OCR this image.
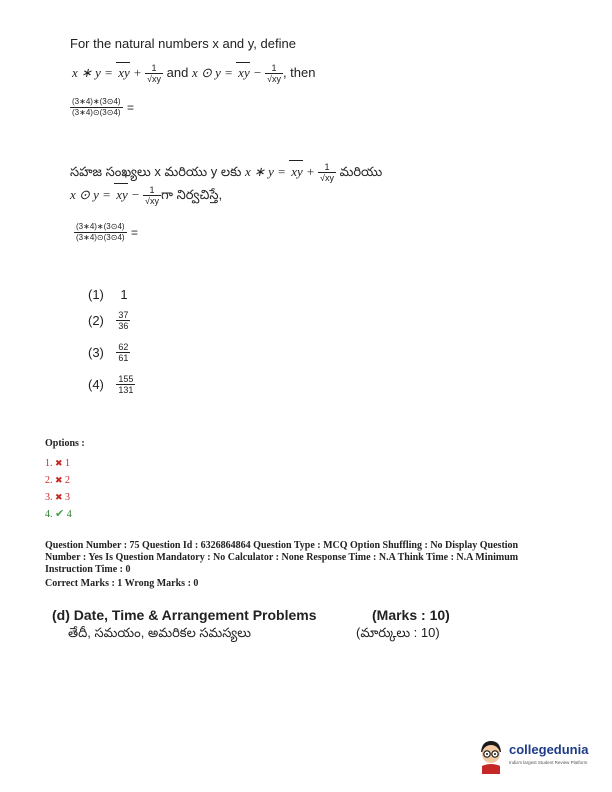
For the natural numbers x and y, define
x ∗ y = xy + $\frac{1}{√xy}$ and x ⊙ y = xy − $\frac{1}{√xy}$ , then
$\frac{(3∗4)∗(3⊙4)}{(3∗4)⊙(3⊙4)}$ =
సహజ సంఖ్యలు x మరియు y లకు x ∗ y = xy + $\frac{1}{√xy}$ మరియు
x ⊙ y = xy − $\frac{1}{√xy}$ గా నిర్వచిస్తే,
$\frac{(3∗4)∗(3⊙4)}{(3∗4)⊙(3⊙4)}$ =
(1) 1
$(2) \frac{37}{36}$
$(3) \frac{62}{61}$
$(4) \frac{155}{131}$
Options :
1. ✖ 1
2. ✖ 2
3. ✖ 3
4. ✔ 4
Question Number : 75 Question Id : 6326864864 Question Type : MCQ Option Shuffling : No Display Question
Number : Yes Is Question Mandatory : No Calculator : None Response Time : N.A Think Time : N.A Minimum
Instruction Time : 0
Correct Marks : 1 Wrong Marks : 0
(d) Date, Time & Arrangement Problems	(Marks : 10)
తేదీ, సమయం, అమరికల సమస్యలు	(మార్కులు : 10)
collegedunia
India's largest Student Review Platform
